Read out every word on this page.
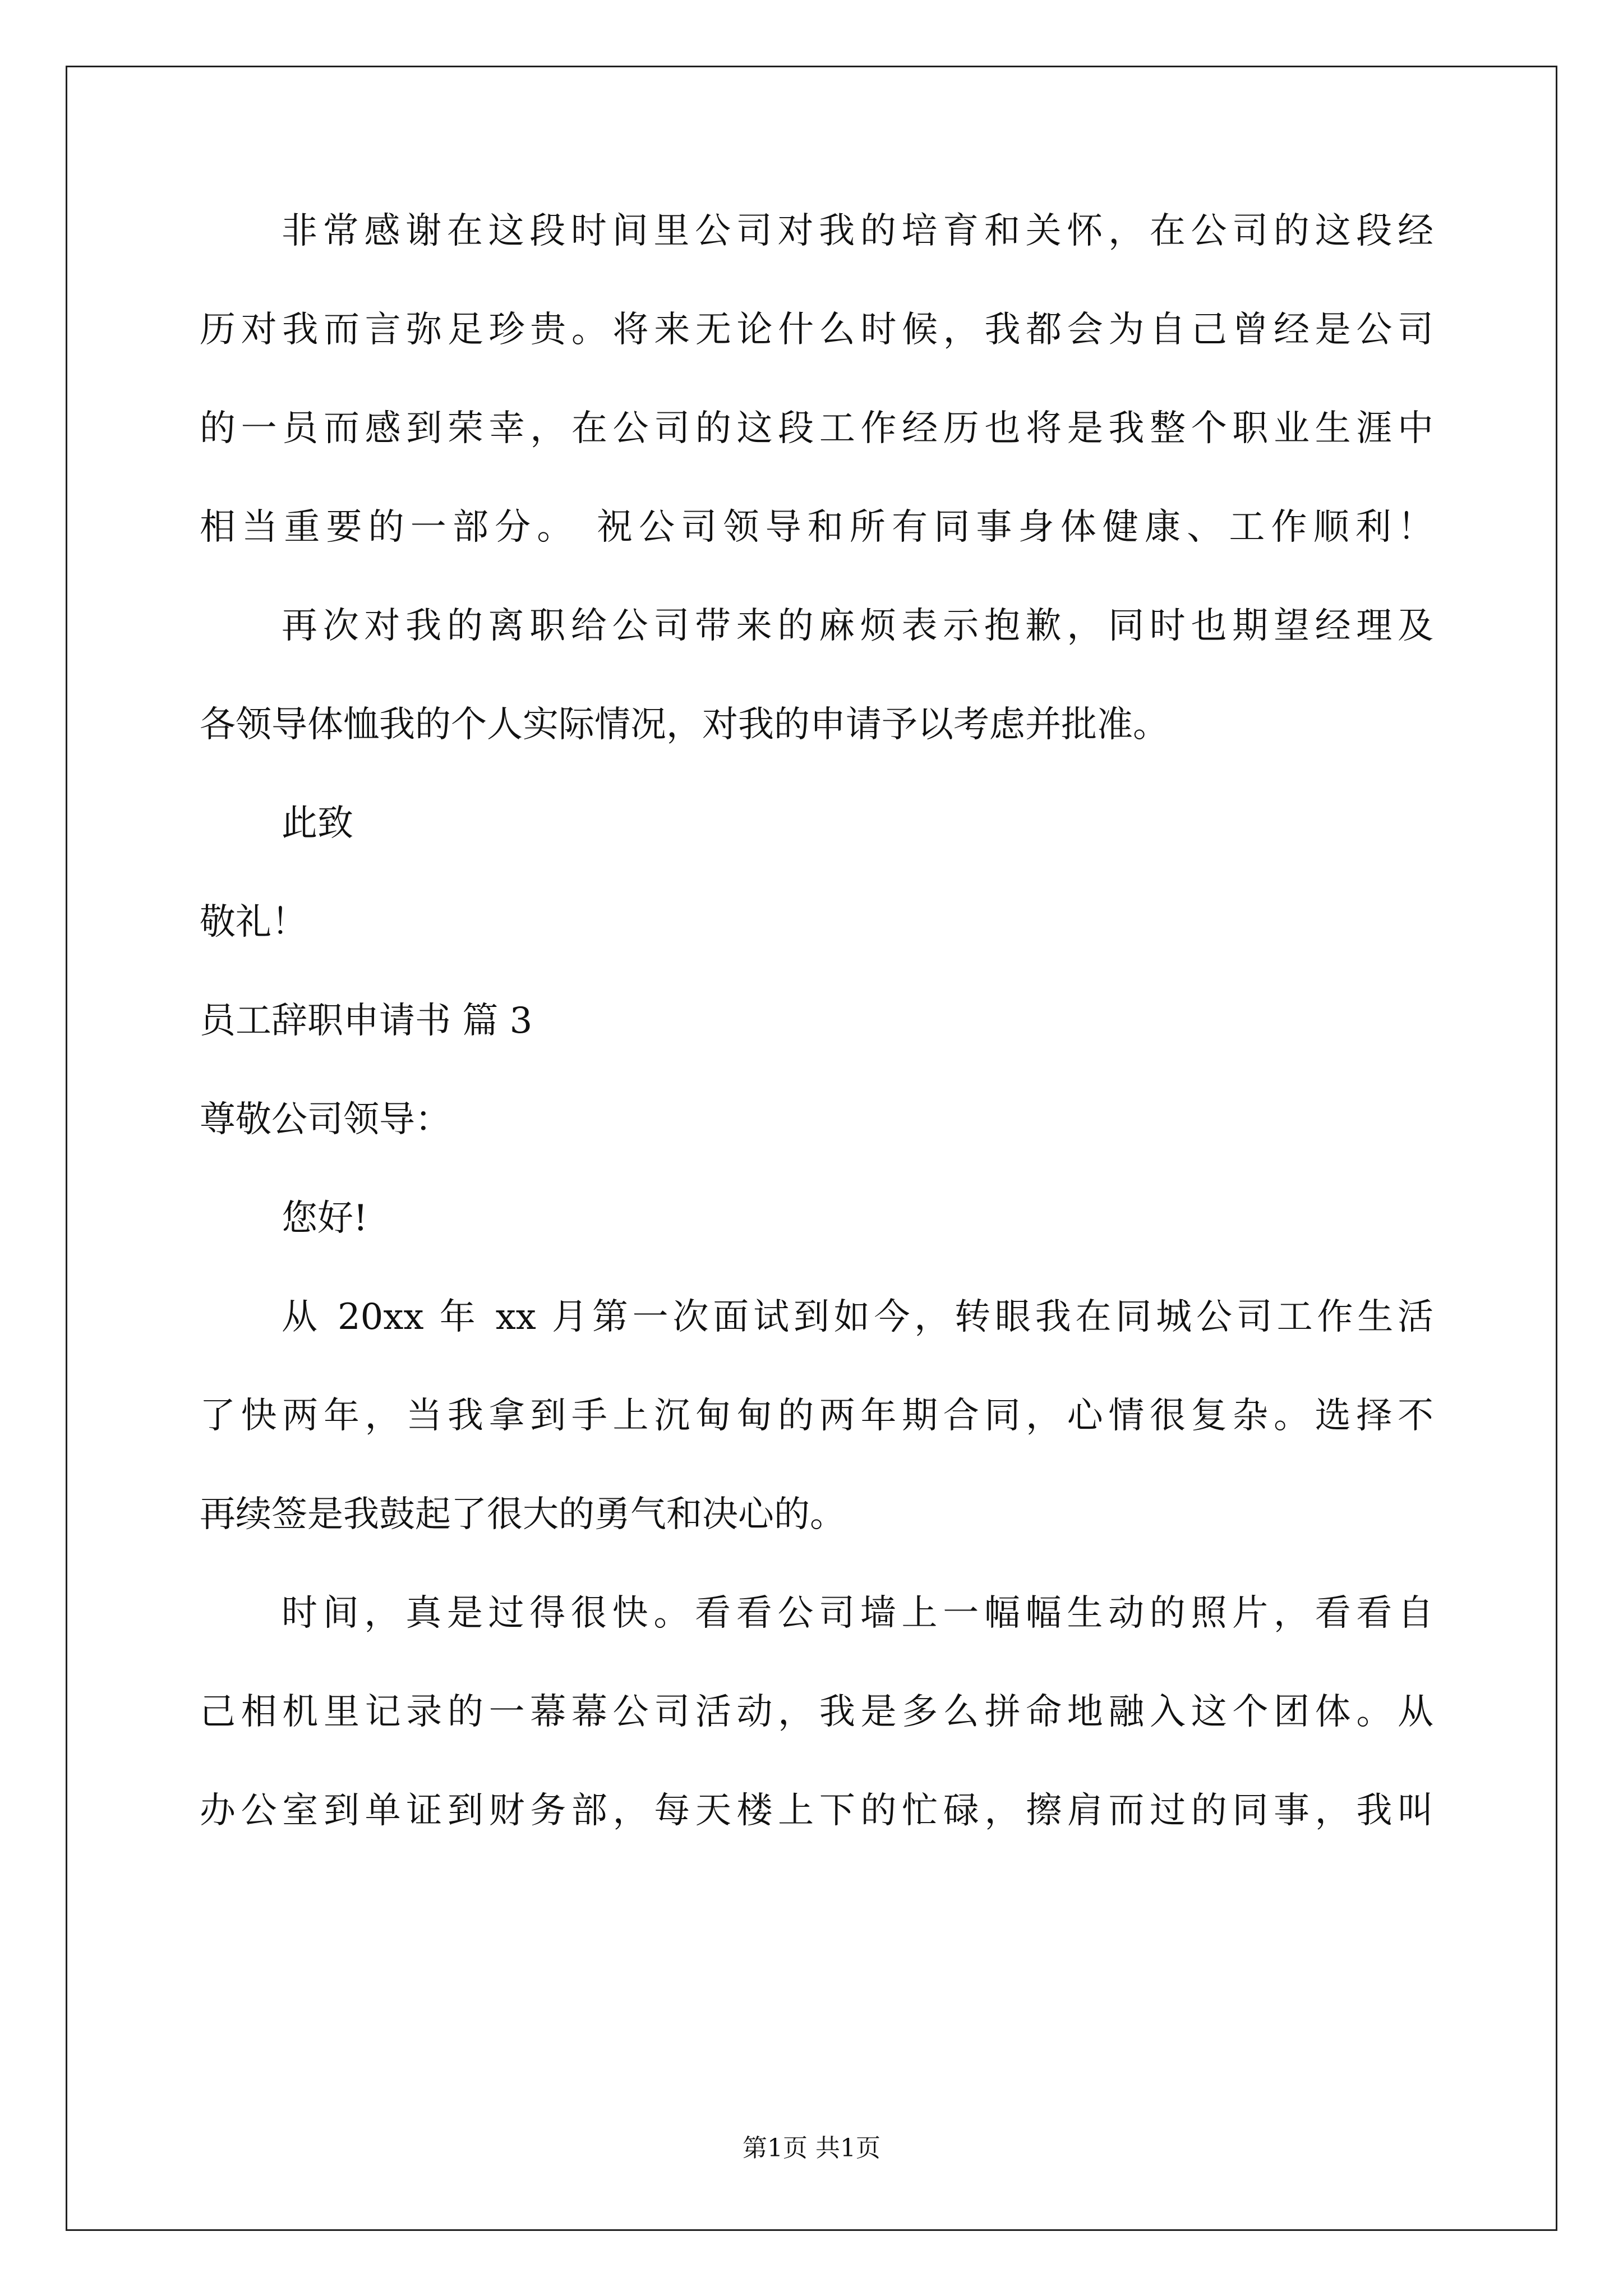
非常感谢在这段时间里公司对我的培育和关怀，在公司的这段经

历对我而言弥足珍贵。将来无论什么时候，我都会为自己曾经是公司

的一员而感到荣幸，在公司的这段工作经历也将是我整个职业生涯中

相当重要的一部分。 祝公司领导和所有同事身体健康、工作顺利！

再次对我的离职给公司带来的麻烦表示抱歉，同时也期望经理及

各领导体恤我的个人实际情况，对我的申请予以考虑并批准。

此致

敬礼！

员工辞职申请书 篇 3

尊敬公司领导：

您好!

从 20xx 年 xx 月第一次面试到如今，转眼我在同城公司工作生活

了快两年，当我拿到手上沉甸甸的两年期合同，心情很复杂。选择不

再续签是我鼓起了很大的勇气和决心的。

时间，真是过得很快。看看公司墙上一幅幅生动的照片，看看自

己相机里记录的一幕幕公司活动，我是多么拼命地融入这个团体。从

办公室到单证到财务部，每天楼上下的忙碌，擦肩而过的同事，我叫

第1页 共1页
